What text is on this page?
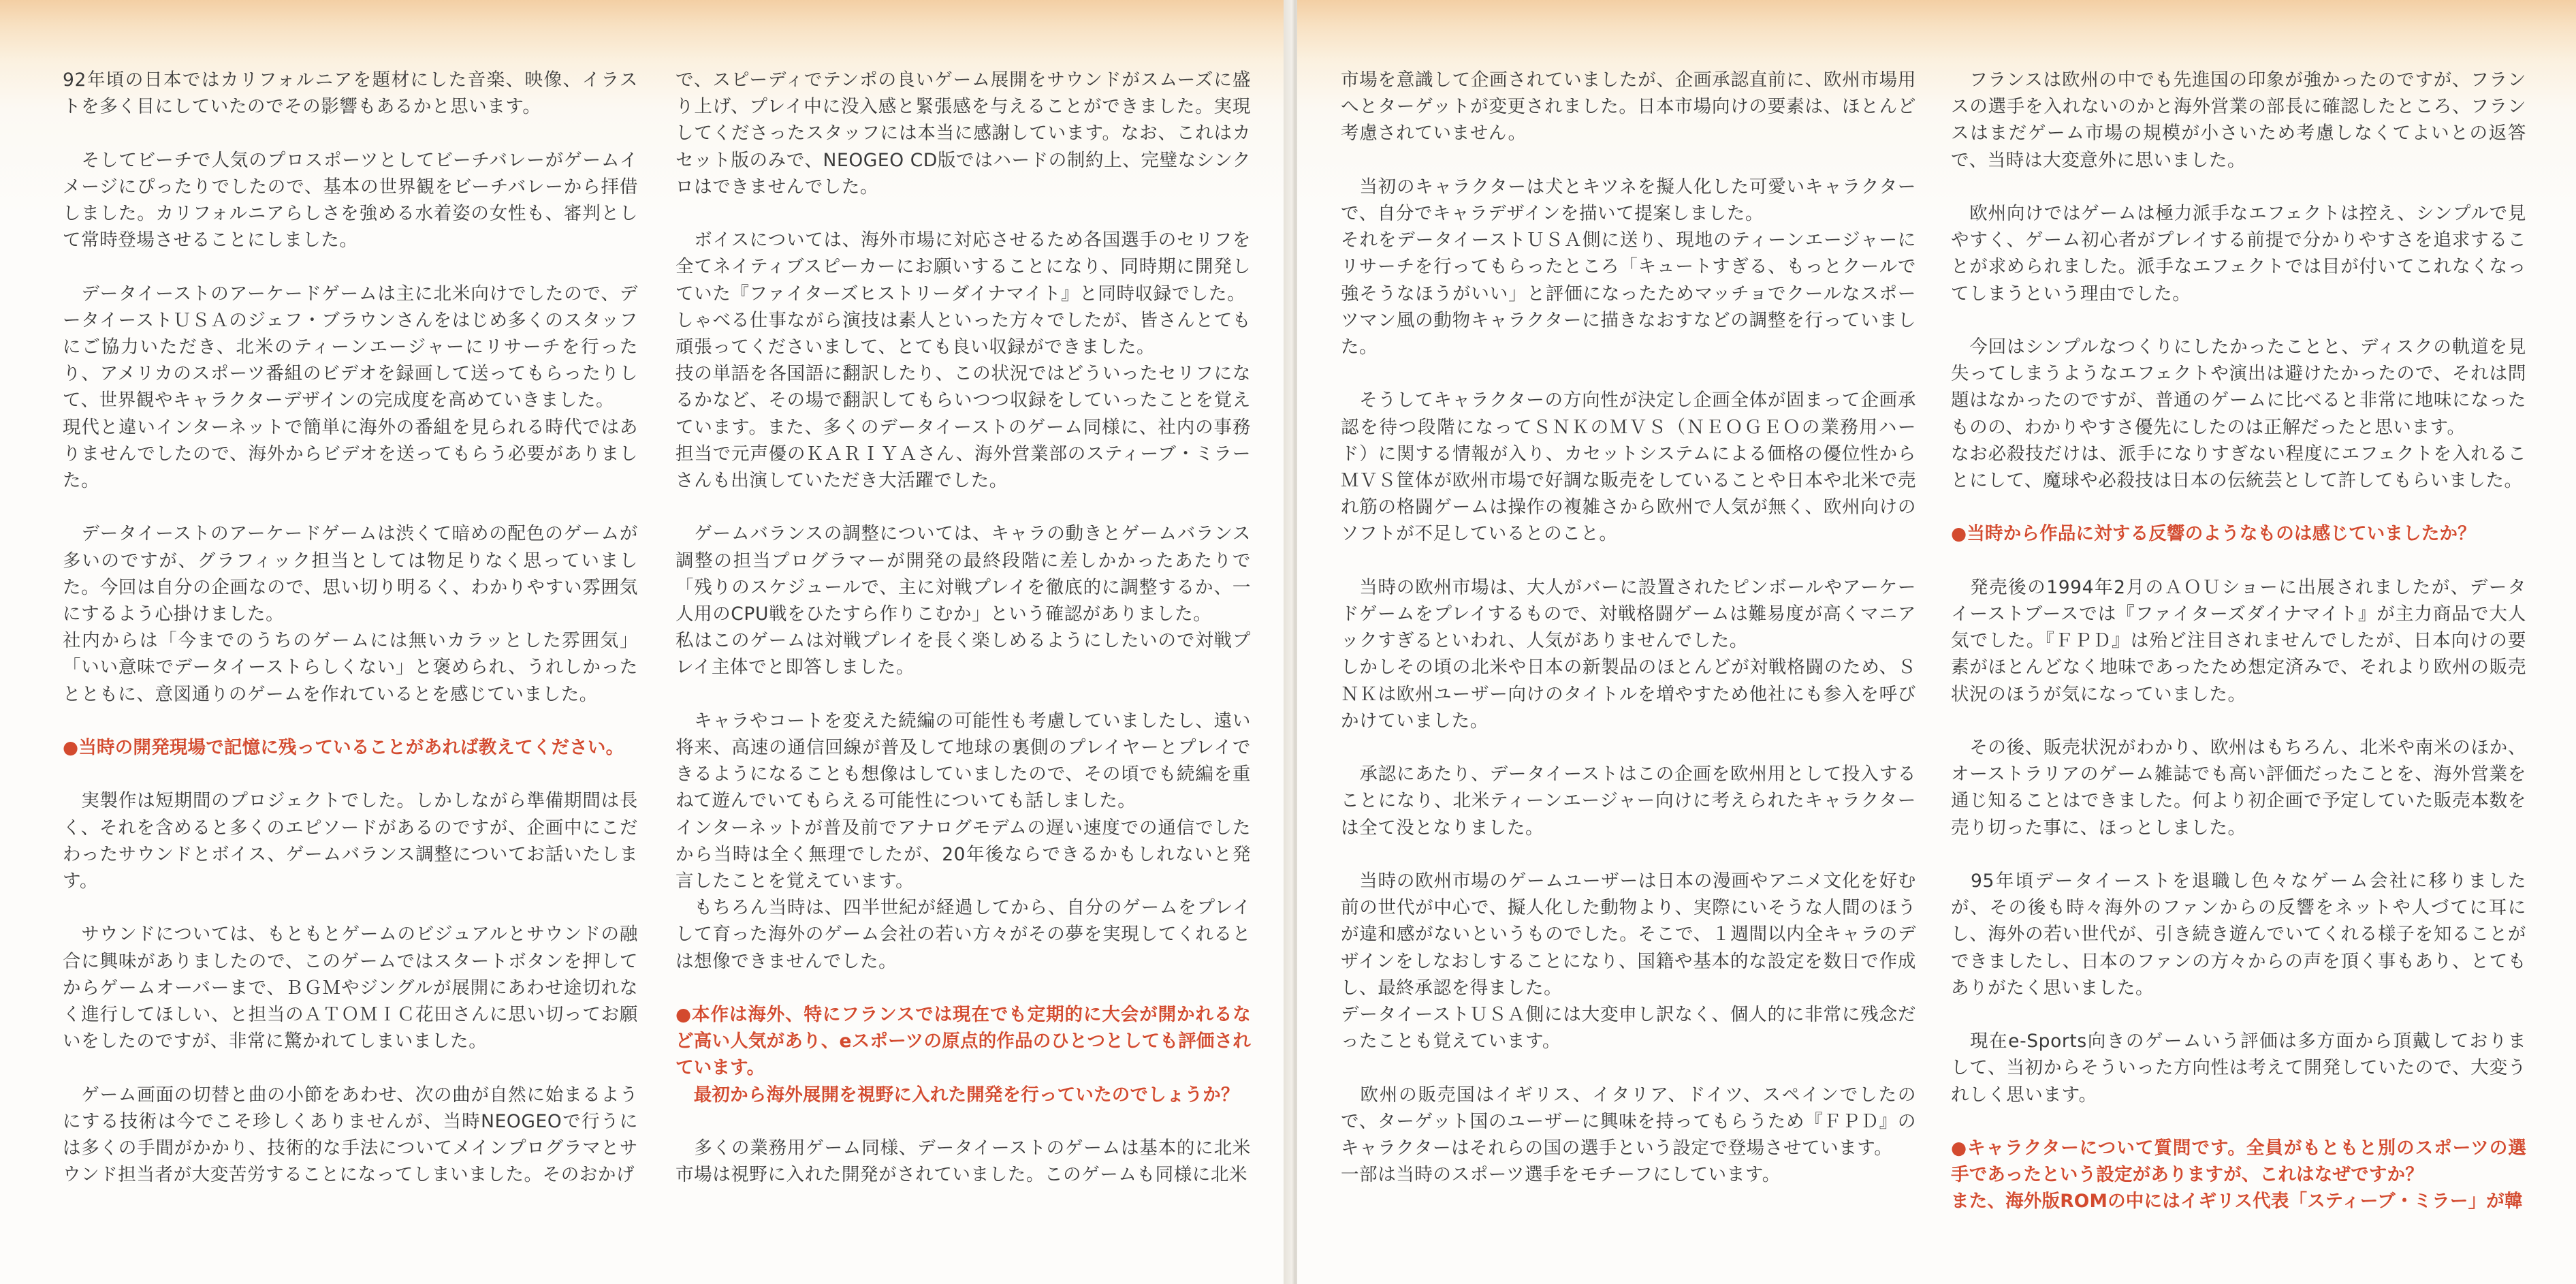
92年頃の日本ではカリフォルニアを題材にした音楽、映像、イラストを多く目にしていたのでその影響もあるかと思います。

　そしてビーチで人気のプロスポーツとしてビーチバレーがゲームイメージにぴったりでしたので、基本の世界観をビーチバレーから拝借しました。カリフォルニアらしさを強める水着姿の女性も、審判として常時登場させることにしました。

　データイーストのアーケードゲームは主に北米向けでしたので、データイーストＵＳＡのジェフ・ブラウンさんをはじめ多くのスタッフにご協力いただき、北米のティーンエージャーにリサーチを行ったり、アメリカのスポーツ番組のビデオを録画して送ってもらったりして、世界観やキャラクターデザインの完成度を高めていきました。
現代と違いインターネットで簡単に海外の番組を見られる時代ではありませんでしたので、海外からビデオを送ってもらう必要がありました。

　データイーストのアーケードゲームは渋くて暗めの配色のゲームが多いのですが、グラフィック担当としては物足りなく思っていました。今回は自分の企画なので、思い切り明るく、わかりやすい雰囲気にするよう心掛けました。
社内からは「今までのうちのゲームには無いカラッとした雰囲気」「いい意味でデータイーストらしくない」と褒められ、うれしかったとともに、意図通りのゲームを作れているとを感じていました。

●当時の開発現場で記憶に残っていることがあれば教えてください。

　実製作は短期間のプロジェクトでした。しかしながら準備期間は長く、それを含めると多くのエピソードがあるのですが、企画中にこだわったサウンドとボイス、ゲームバランス調整についてお話いたします。

　サウンドについては、もともとゲームのビジュアルとサウンドの融合に興味がありましたので、このゲームではスタートボタンを押してからゲームオーバーまで、ＢＧＭやジングルが展開にあわせ途切れなく進行してほしい、と担当のＡＴＯＭＩＣ花田さんに思い切ってお願いをしたのですが、非常に驚かれてしまいました。

　ゲーム画面の切替と曲の小節をあわせ、次の曲が自然に始まるようにする技術は今でこそ珍しくありませんが、当時NEOGEOで行うには多くの手間がかかり、技術的な手法についてメインプログラマとサウンド担当者が大変苦労することになってしまいました。そのおかげ

で、スピーディでテンポの良いゲーム展開をサウンドがスムーズに盛り上げ、プレイ中に没入感と緊張感を与えることができました。実現してくださったスタッフには本当に感謝しています。なお、これはカセット版のみで、NEOGEO CD版ではハードの制約上、完璧なシンクロはできませんでした。

　ボイスについては、海外市場に対応させるため各国選手のセリフを全てネイティブスピーカーにお願いすることになり、同時期に開発していた『ファイターズヒストリーダイナマイト』と同時収録でした。
しゃべる仕事ながら演技は素人といった方々でしたが、皆さんとても頑張ってくださいまして、とても良い収録ができました。
技の単語を各国語に翻訳したり、この状況ではどういったセリフになるかなど、その場で翻訳してもらいつつ収録をしていったことを覚えています。また、多くのデータイーストのゲーム同様に、社内の事務担当で元声優のＫＡＲＩＹＡさん、海外営業部のスティーブ・ミラーさんも出演していただき大活躍でした。

　ゲームバランスの調整については、キャラの動きとゲームバランス調整の担当プログラマーが開発の最終段階に差しかかったあたりで「残りのスケジュールで、主に対戦プレイを徹底的に調整するか、一人用のCPU戦をひたすら作りこむか」という確認がありました。
私はこのゲームは対戦プレイを長く楽しめるようにしたいので対戦プレイ主体でと即答しました。

　キャラやコートを変えた続編の可能性も考慮していましたし、遠い将来、高速の通信回線が普及して地球の裏側のプレイヤーとプレイできるようになることも想像はしていましたので、その頃でも続編を重ねて遊んでいてもらえる可能性についても話しました。
インターネットが普及前でアナログモデムの遅い速度での通信でしたから当時は全く無理でしたが、20年後ならできるかもしれないと発言したことを覚えています。
　もちろん当時は、四半世紀が経過してから、自分のゲームをプレイして育った海外のゲーム会社の若い方々がその夢を実現してくれるとは想像できませんでした。

●本作は海外、特にフランスでは現在でも定期的に大会が開かれるなど高い人気があり、eスポーツの原点的作品のひとつとしても評価されています。
　最初から海外展開を視野に入れた開発を行っていたのでしょうか？

　多くの業務用ゲーム同様、データイーストのゲームは基本的に北米市場は視野に入れた開発がされていました。このゲームも同様に北米

市場を意識して企画されていましたが、企画承認直前に、欧州市場用へとターゲットが変更されました。日本市場向けの要素は、ほとんど考慮されていません。

　当初のキャラクターは犬とキツネを擬人化した可愛いキャラクターで、自分でキャラデザインを描いて提案しました。
それをデータイーストＵＳＡ側に送り、現地のティーンエージャーにリサーチを行ってもらったところ「キュートすぎる、もっとクールで強そうなほうがいい」と評価になったためマッチョでクールなスポーツマン風の動物キャラクターに描きなおすなどの調整を行っていました。

　そうしてキャラクターの方向性が決定し企画全体が固まって企画承認を待つ段階になってＳＮＫのＭＶＳ（ＮＥＯＧＥＯの業務用ハード）に関する情報が入り、カセットシステムによる価格の優位性からＭＶＳ筐体が欧州市場で好調な販売をしていることや日本や北米で売れ筋の格闘ゲームは操作の複雑さから欧州で人気が無く、欧州向けのソフトが不足しているとのこと。

　当時の欧州市場は、大人がバーに設置されたピンボールやアーケードゲームをプレイするもので、対戦格闘ゲームは難易度が高くマニアックすぎるといわれ、人気がありませんでした。
しかしその頃の北米や日本の新製品のほとんどが対戦格闘のため、ＳＮＫは欧州ユーザー向けのタイトルを増やすため他社にも参入を呼びかけていました。

　承認にあたり、データイーストはこの企画を欧州用として投入することになり、北米ティーンエージャー向けに考えられたキャラクターは全て没となりました。

　当時の欧州市場のゲームユーザーは日本の漫画やアニメ文化を好む前の世代が中心で、擬人化した動物より、実際にいそうな人間のほうが違和感がないというものでした。そこで、１週間以内全キャラのデザインをしなおしすることになり、国籍や基本的な設定を数日で作成し、最終承認を得ました。
データイーストＵＳＡ側には大変申し訳なく、個人的に非常に残念だったことも覚えています。

　欧州の販売国はイギリス、イタリア、ドイツ、スペインでしたので、ターゲット国のユーザーに興味を持ってもらうため『ＦＰＤ』のキャラクターはそれらの国の選手という設定で登場させています。
一部は当時のスポーツ選手をモチーフにしています。

　フランスは欧州の中でも先進国の印象が強かったのですが、フランスの選手を入れないのかと海外営業の部長に確認したところ、フランスはまだゲーム市場の規模が小さいため考慮しなくてよいとの返答で、当時は大変意外に思いました。

　欧州向けではゲームは極力派手なエフェクトは控え、シンプルで見やすく、ゲーム初心者がプレイする前提で分かりやすさを追求することが求められました。派手なエフェクトでは目が付いてこれなくなってしまうという理由でした。

　今回はシンプルなつくりにしたかったことと、ディスクの軌道を見失ってしまうようなエフェクトや演出は避けたかったので、それは問題はなかったのですが、普通のゲームに比べると非常に地味になったものの、わかりやすさ優先にしたのは正解だったと思います。
なお必殺技だけは、派手になりすぎない程度にエフェクトを入れることにして、魔球や必殺技は日本の伝統芸として許してもらいました。

●当時から作品に対する反響のようなものは感じていましたか？

　発売後の1994年2月のＡＯＵショーに出展されましたが、データイーストブースでは『ファイターズダイナマイト』が主力商品で大人気でした。『ＦＰＤ』は殆ど注目されませんでしたが、日本向けの要素がほとんどなく地味であったため想定済みで、それより欧州の販売状況のほうが気になっていました。

　その後、販売状況がわかり、欧州はもちろん、北米や南米のほか、オーストラリアのゲーム雑誌でも高い評価だったことを、海外営業を通じ知ることはできました。何より初企画で予定していた販売本数を売り切った事に、ほっとしました。

　95年頃データイーストを退職し色々なゲーム会社に移りましたが、その後も時々海外のファンからの反響をネットや人づてに耳にし、海外の若い世代が、引き続き遊んでいてくれる様子を知ることができましたし、日本のファンの方々からの声を頂く事もあり、とてもありがたく思いました。

　現在e-Sports向きのゲームいう評価は多方面から頂戴しておりまして、当初からそういった方向性は考えて開発していたので、大変うれしく思います。

●キャラクターについて質問です。全員がもともと別のスポーツの選手であったという設定がありますが、これはなぜですか？
また、海外版ROMの中にはイギリス代表「スティーブ・ミラー」が韓
